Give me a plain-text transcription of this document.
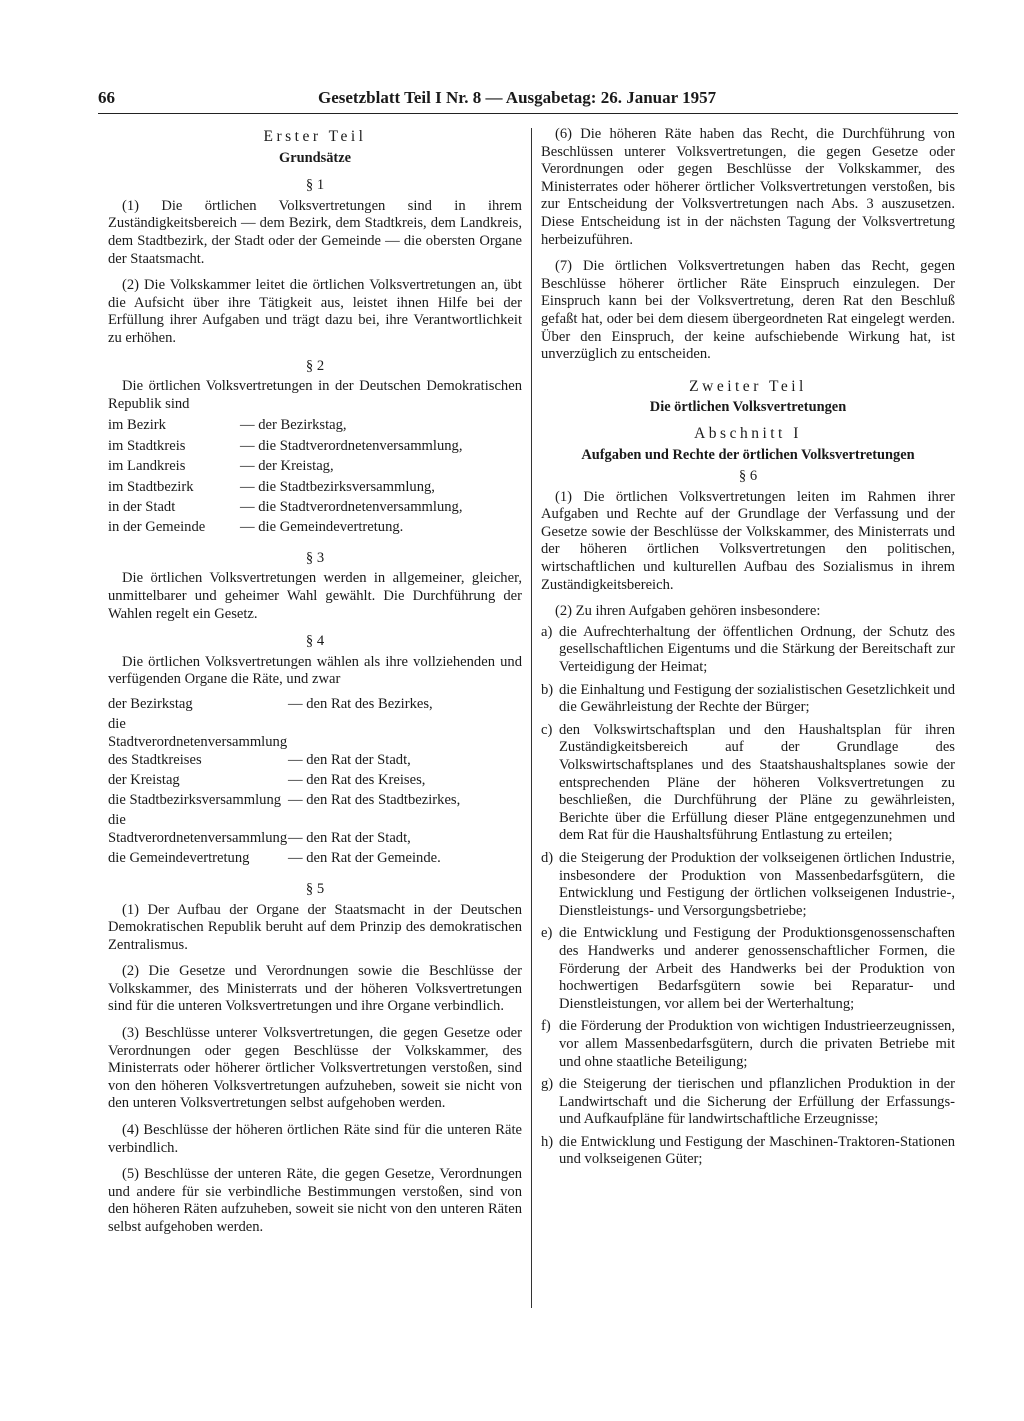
66	Gesetzblatt Teil I Nr. 8 — Ausgabetag: 26. Januar 1957
Erster Teil
Grundsätze
§ 1

(1) Die örtlichen Volksvertretungen sind in ihrem Zuständigkeitsbereich — dem Bezirk, dem Stadtkreis, dem Landkreis, dem Stadtbezirk, der Stadt oder der Gemeinde — die obersten Organe der Staatsmacht.

(2) Die Volkskammer leitet die örtlichen Volksvertretungen an, übt die Aufsicht über ihre Tätigkeit aus, leistet ihnen Hilfe bei der Erfüllung ihrer Aufgaben und trägt dazu bei, ihre Verantwortlichkeit zu erhöhen.

§ 2

Die örtlichen Volksvertretungen in der Deutschen Demokratischen Republik sind

im Bezirk	— der Bezirkstag,
im Stadtkreis	— die Stadtverordnetenversammlung,
im Landkreis	— der Kreistag,
im Stadtbezirk	— die Stadtbezirksversammlung,
in der Stadt	— die Stadtverordnetenversammlung,
in der Gemeinde	— die Gemeindevertretung.
§ 3

Die örtlichen Volksvertretungen werden in allgemeiner, gleicher, unmittelbarer und geheimer Wahl gewählt. Die Durchführung der Wahlen regelt ein Gesetz.

§ 4

Die örtlichen Volksvertretungen wählen als ihre vollziehenden und verfügenden Organe die Räte, und zwar

der Bezirkstag	— den Rat des Bezirkes,
die Stadtverordnetenversammlung des Stadtkreises	— den Rat der Stadt,
der Kreistag	— den Rat des Kreises,
die Stadtbezirksversammlung	— den Rat des Stadtbezirkes,
die Stadtverordnetenversammlung	— den Rat der Stadt,
die Gemeindevertretung	— den Rat der Gemeinde.
§ 5

(1) Der Aufbau der Organe der Staatsmacht in der Deutschen Demokratischen Republik beruht auf dem Prinzip des demokratischen Zentralismus.

(2) Die Gesetze und Verordnungen sowie die Beschlüsse der Volkskammer, des Ministerrats und der höheren Volksvertretungen sind für die unteren Volksvertretungen und ihre Organe verbindlich.

(3) Beschlüsse unterer Volksvertretungen, die gegen Gesetze oder Verordnungen oder gegen Beschlüsse der Volkskammer, des Ministerrats oder höherer örtlicher Volksvertretungen verstoßen, sind von den höheren Volksvertretungen aufzuheben, soweit sie nicht von den unteren Volksvertretungen selbst aufgehoben werden.

(4) Beschlüsse der höheren örtlichen Räte sind für die unteren Räte verbindlich.

(5) Beschlüsse der unteren Räte, die gegen Gesetze, Verordnungen und andere für sie verbindliche Bestimmungen verstoßen, sind von den höheren Räten aufzuheben, soweit sie nicht von den unteren Räten selbst aufgehoben werden.

(6) Die höheren Räte haben das Recht, die Durchführung von Beschlüssen unterer Volksvertretungen, die gegen Gesetze oder Verordnungen oder gegen Beschlüsse der Volkskammer, des Ministerrates oder höherer örtlicher Volksvertretungen verstoßen, bis zur Entscheidung der Volksvertretungen nach Abs. 3 auszusetzen. Diese Entscheidung ist in der nächsten Tagung der Volksvertretung herbeizuführen.

(7) Die örtlichen Volksvertretungen haben das Recht, gegen Beschlüsse höherer örtlicher Räte Einspruch einzulegen. Der Einspruch kann bei der Volksvertretung, deren Rat den Beschluß gefaßt hat, oder bei dem diesem übergeordneten Rat eingelegt werden. Über den Einspruch, der keine aufschiebende Wirkung hat, ist unverzüglich zu entscheiden.

Zweiter Teil
Die örtlichen Volksvertretungen
Abschnitt I
Aufgaben und Rechte der örtlichen Volksvertretungen
§ 6

(1) Die örtlichen Volksvertretungen leiten im Rahmen ihrer Aufgaben und Rechte auf der Grundlage der Verfassung und der Gesetze sowie der Beschlüsse der Volkskammer, des Ministerrats und der höheren örtlichen Volksvertretungen den politischen, wirtschaftlichen und kulturellen Aufbau des Sozialismus in ihrem Zuständigkeitsbereich.

(2) Zu ihren Aufgaben gehören insbesondere:

a) die Aufrechterhaltung der öffentlichen Ordnung, der Schutz des gesellschaftlichen Eigentums und die Stärkung der Bereitschaft zur Verteidigung der Heimat;
b) die Einhaltung und Festigung der sozialistischen Gesetzlichkeit und die Gewährleistung der Rechte der Bürger;
c) den Volkswirtschaftsplan und den Haushaltsplan für ihren Zuständigkeitsbereich auf der Grundlage des Volkswirtschaftsplanes und des Staatshaushaltsplanes sowie der entsprechenden Pläne der höheren Volksvertretungen zu beschließen, die Durchführung der Pläne zu gewährleisten, Berichte über die Erfüllung dieser Pläne entgegenzunehmen und dem Rat für die Haushaltsführung Entlastung zu erteilen;
d) die Steigerung der Produktion der volkseigenen örtlichen Industrie, insbesondere der Produktion von Massenbedarfsgütern, die Entwicklung und Festigung der örtlichen volkseigenen Industrie-, Dienstleistungs- und Versorgungsbetriebe;
e) die Entwicklung und Festigung der Produktionsgenossenschaften des Handwerks und anderer genossenschaftlicher Formen, die Förderung der Arbeit des Handwerks bei der Produktion von hochwertigen Bedarfsgütern sowie bei Reparatur- und Dienstleistungen, vor allem bei der Werterhaltung;
f) die Förderung der Produktion von wichtigen Industrieerzeugnissen, vor allem Massenbedarfsgütern, durch die privaten Betriebe mit und ohne staatliche Beteiligung;
g) die Steigerung der tierischen und pflanzlichen Produktion in der Landwirtschaft und die Sicherung der Erfüllung der Erfassungs- und Aufkaufpläne für landwirtschaftliche Erzeugnisse;
h) die Entwicklung und Festigung der Maschinen-Traktoren-Stationen und volkseigenen Güter;
